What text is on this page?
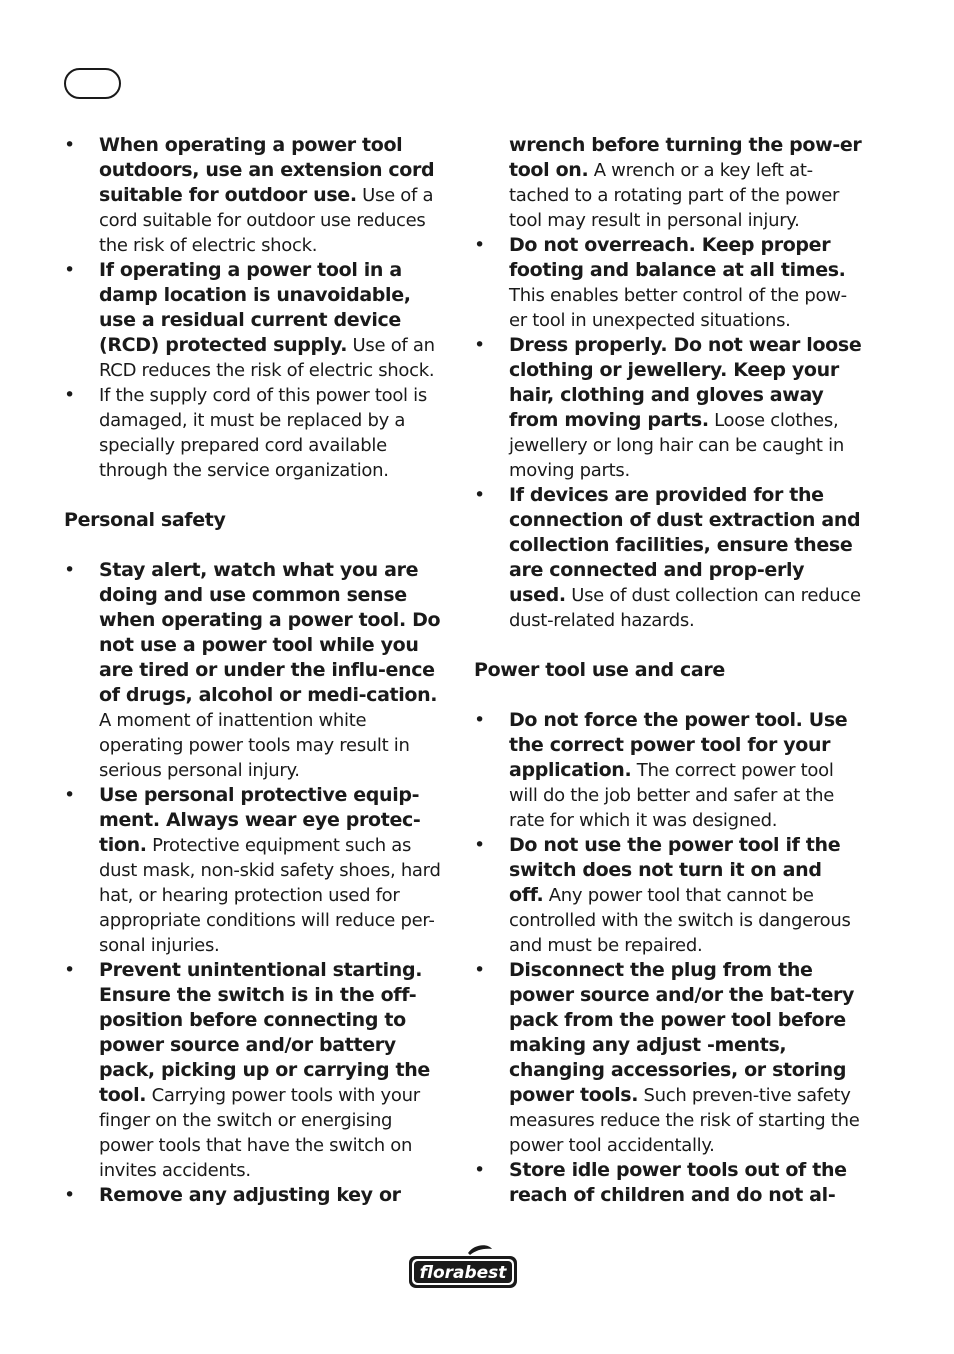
•	When operating a power tool outdoors, use an extension cord suitable for outdoor use. Use of a cord suitable for outdoor use reduces the risk of electric shock.
•	If operating a power tool in a damp location is unavoidable, use a residual current device (RCD) protected supply. Use of an RCD reduces the risk of electric shock.
•	If the supply cord of this power tool is damaged, it must be replaced by a specially prepared cord available through the service organization.
Personal safety
•	Stay alert, watch what you are doing and use common sense when operating a power tool. Do not use a power tool while you are tired or under the influ-ence of drugs, alcohol or medi-cation. A moment of inattention white operating power tools may result in serious personal injury.
•	Use personal protective equip-ment. Always wear eye protec-tion. Protective equipment such as dust mask, non-skid safety shoes, hard hat, or hearing protection used for appropriate conditions will reduce per-sonal injuries.
•	Prevent unintentional starting. Ensure the switch is in the off-position before connecting to power source and/or battery pack, picking up or carrying the tool. Carrying power tools with your finger on the switch or energising power tools that have the switch on invites accidents.
•	Remove any adjusting key or
wrench before turning the pow-er tool on. A wrench or a key left at-tached to a rotating part of the power tool may result in personal injury.
•	Do not overreach. Keep proper footing and balance at all times. This enables better control of the pow-er tool in unexpected situations.
•	Dress properly. Do not wear loose clothing or jewellery. Keep your hair, clothing and gloves away from moving parts. Loose clothes, jewellery or long hair can be caught in moving parts.
•	If devices are provided for the connection of dust extraction and collection facilities, ensure these are connected and prop-erly used. Use of dust collection can reduce dust-related hazards.
Power tool use and care
•	Do not force the power tool. Use the correct power tool for your application. The correct power tool will do the job better and safer at the rate for which it was designed.
•	Do not use the power tool if the switch does not turn it on and off. Any power tool that cannot be controlled with the switch is dangerous and must be repaired.
•	Disconnect the plug from the power source and/or the bat-tery pack from the power tool before making any adjust -ments, changing accessories, or storing power tools. Such preven-tive safety measures reduce the risk of starting the power tool accidentally.
•	Store idle power tools out of the reach of children and do not al-
florabest
